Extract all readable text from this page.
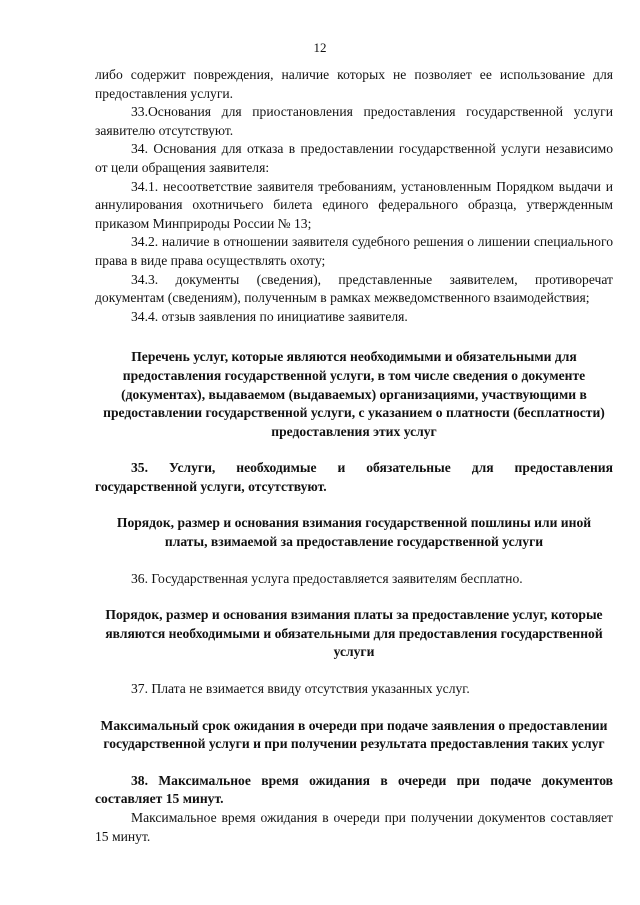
12

либо содержит повреждения, наличие которых не позволяет ее использование для предоставления услуги.

33.Основания для приостановления предоставления государственной услуги заявителю отсутствуют.

34. Основания для отказа в предоставлении государственной услуги независимо от цели обращения заявителя:

34.1. несоответствие заявителя требованиям, установленным Порядком выдачи и аннулирования охотничьего билета единого федерального образца, утвержденным приказом Минприроды России № 13;

34.2. наличие в отношении заявителя судебного решения о лишении специального права в виде права осуществлять охоту;

34.3. документы (сведения), представленные заявителем, противоречат документам (сведениям), полученным в рамках межведомственного взаимодействия;

34.4. отзыв заявления по инициативе заявителя.

Перечень услуг, которые являются необходимыми и обязательными для предоставления государственной услуги, в том числе сведения о документе (документах), выдаваемом (выдаваемых) организациями, участвующими в предоставлении государственной услуги, с указанием о платности (бесплатности) предоставления этих услуг

35. Услуги, необходимые и обязательные для предоставления государственной услуги, отсутствуют.

Порядок, размер и основания взимания государственной пошлины или иной платы, взимаемой за предоставление государственной услуги

36. Государственная услуга предоставляется заявителям бесплатно.

Порядок, размер и основания взимания платы за предоставление услуг, которые являются необходимыми и обязательными для предоставления государственной услуги

37. Плата не взимается ввиду отсутствия указанных услуг.

Максимальный срок ожидания в очереди при подаче заявления о предоставлении государственной услуги и при получении результата предоставления таких услуг

38. Максимальное время ожидания в очереди при подаче документов составляет 15 минут.

Максимальное время ожидания в очереди при получении документов составляет 15 минут.
